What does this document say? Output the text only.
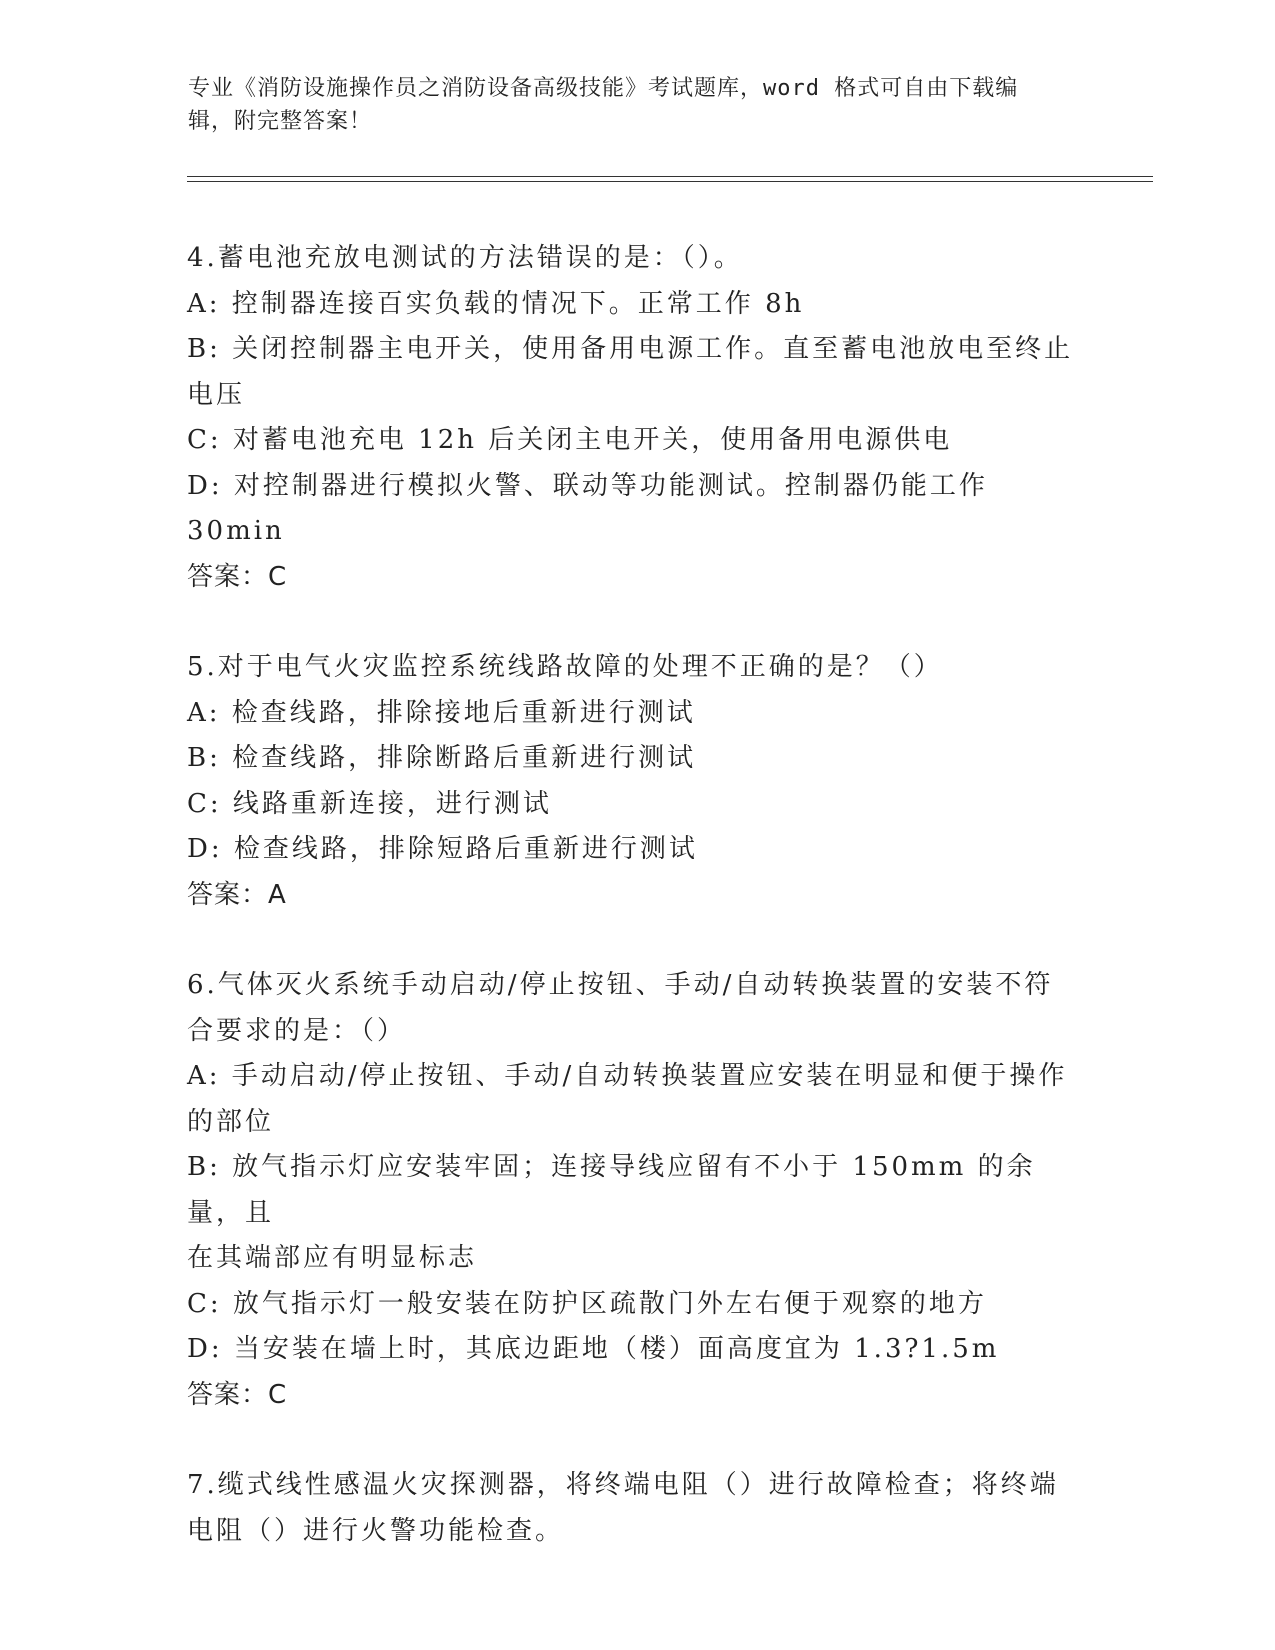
专业《消防设施操作员之消防设备高级技能》考试题库，word 格式可自由下载编
辑，附完整答案！
4.蓄电池充放电测试的方法错误的是：（）。
A: 控制器连接百实负载的情况下。正常工作 8h
B: 关闭控制器主电开关，使用备用电源工作。直至蓄电池放电至终止
电压
C: 对蓄电池充电 12h 后关闭主电开关，使用备用电源供电
D: 对控制器进行模拟火警、联动等功能测试。控制器仍能工作 30min
答案：C
5.对于电气火灾监控系统线路故障的处理不正确的是？（）
A: 检查线路，排除接地后重新进行测试
B: 检查线路，排除断路后重新进行测试
C: 线路重新连接，进行测试
D: 检查线路，排除短路后重新进行测试
答案：A
6.气体灭火系统手动启动/停止按钮、手动/自动转换装置的安装不符
合要求的是：（）
A: 手动启动/停止按钮、手动/自动转换装置应安装在明显和便于操作
的部位
B: 放气指示灯应安装牢固；连接导线应留有不小于 150mm 的余量，且
在其端部应有明显标志
C: 放气指示灯一般安装在防护区疏散门外左右便于观察的地方
D: 当安装在墙上时，其底边距地（楼）面高度宜为 1.3?1.5m
答案：C
7.缆式线性感温火灾探测器，将终端电阻（）进行故障检查；将终端
电阻（）进行火警功能检查。
